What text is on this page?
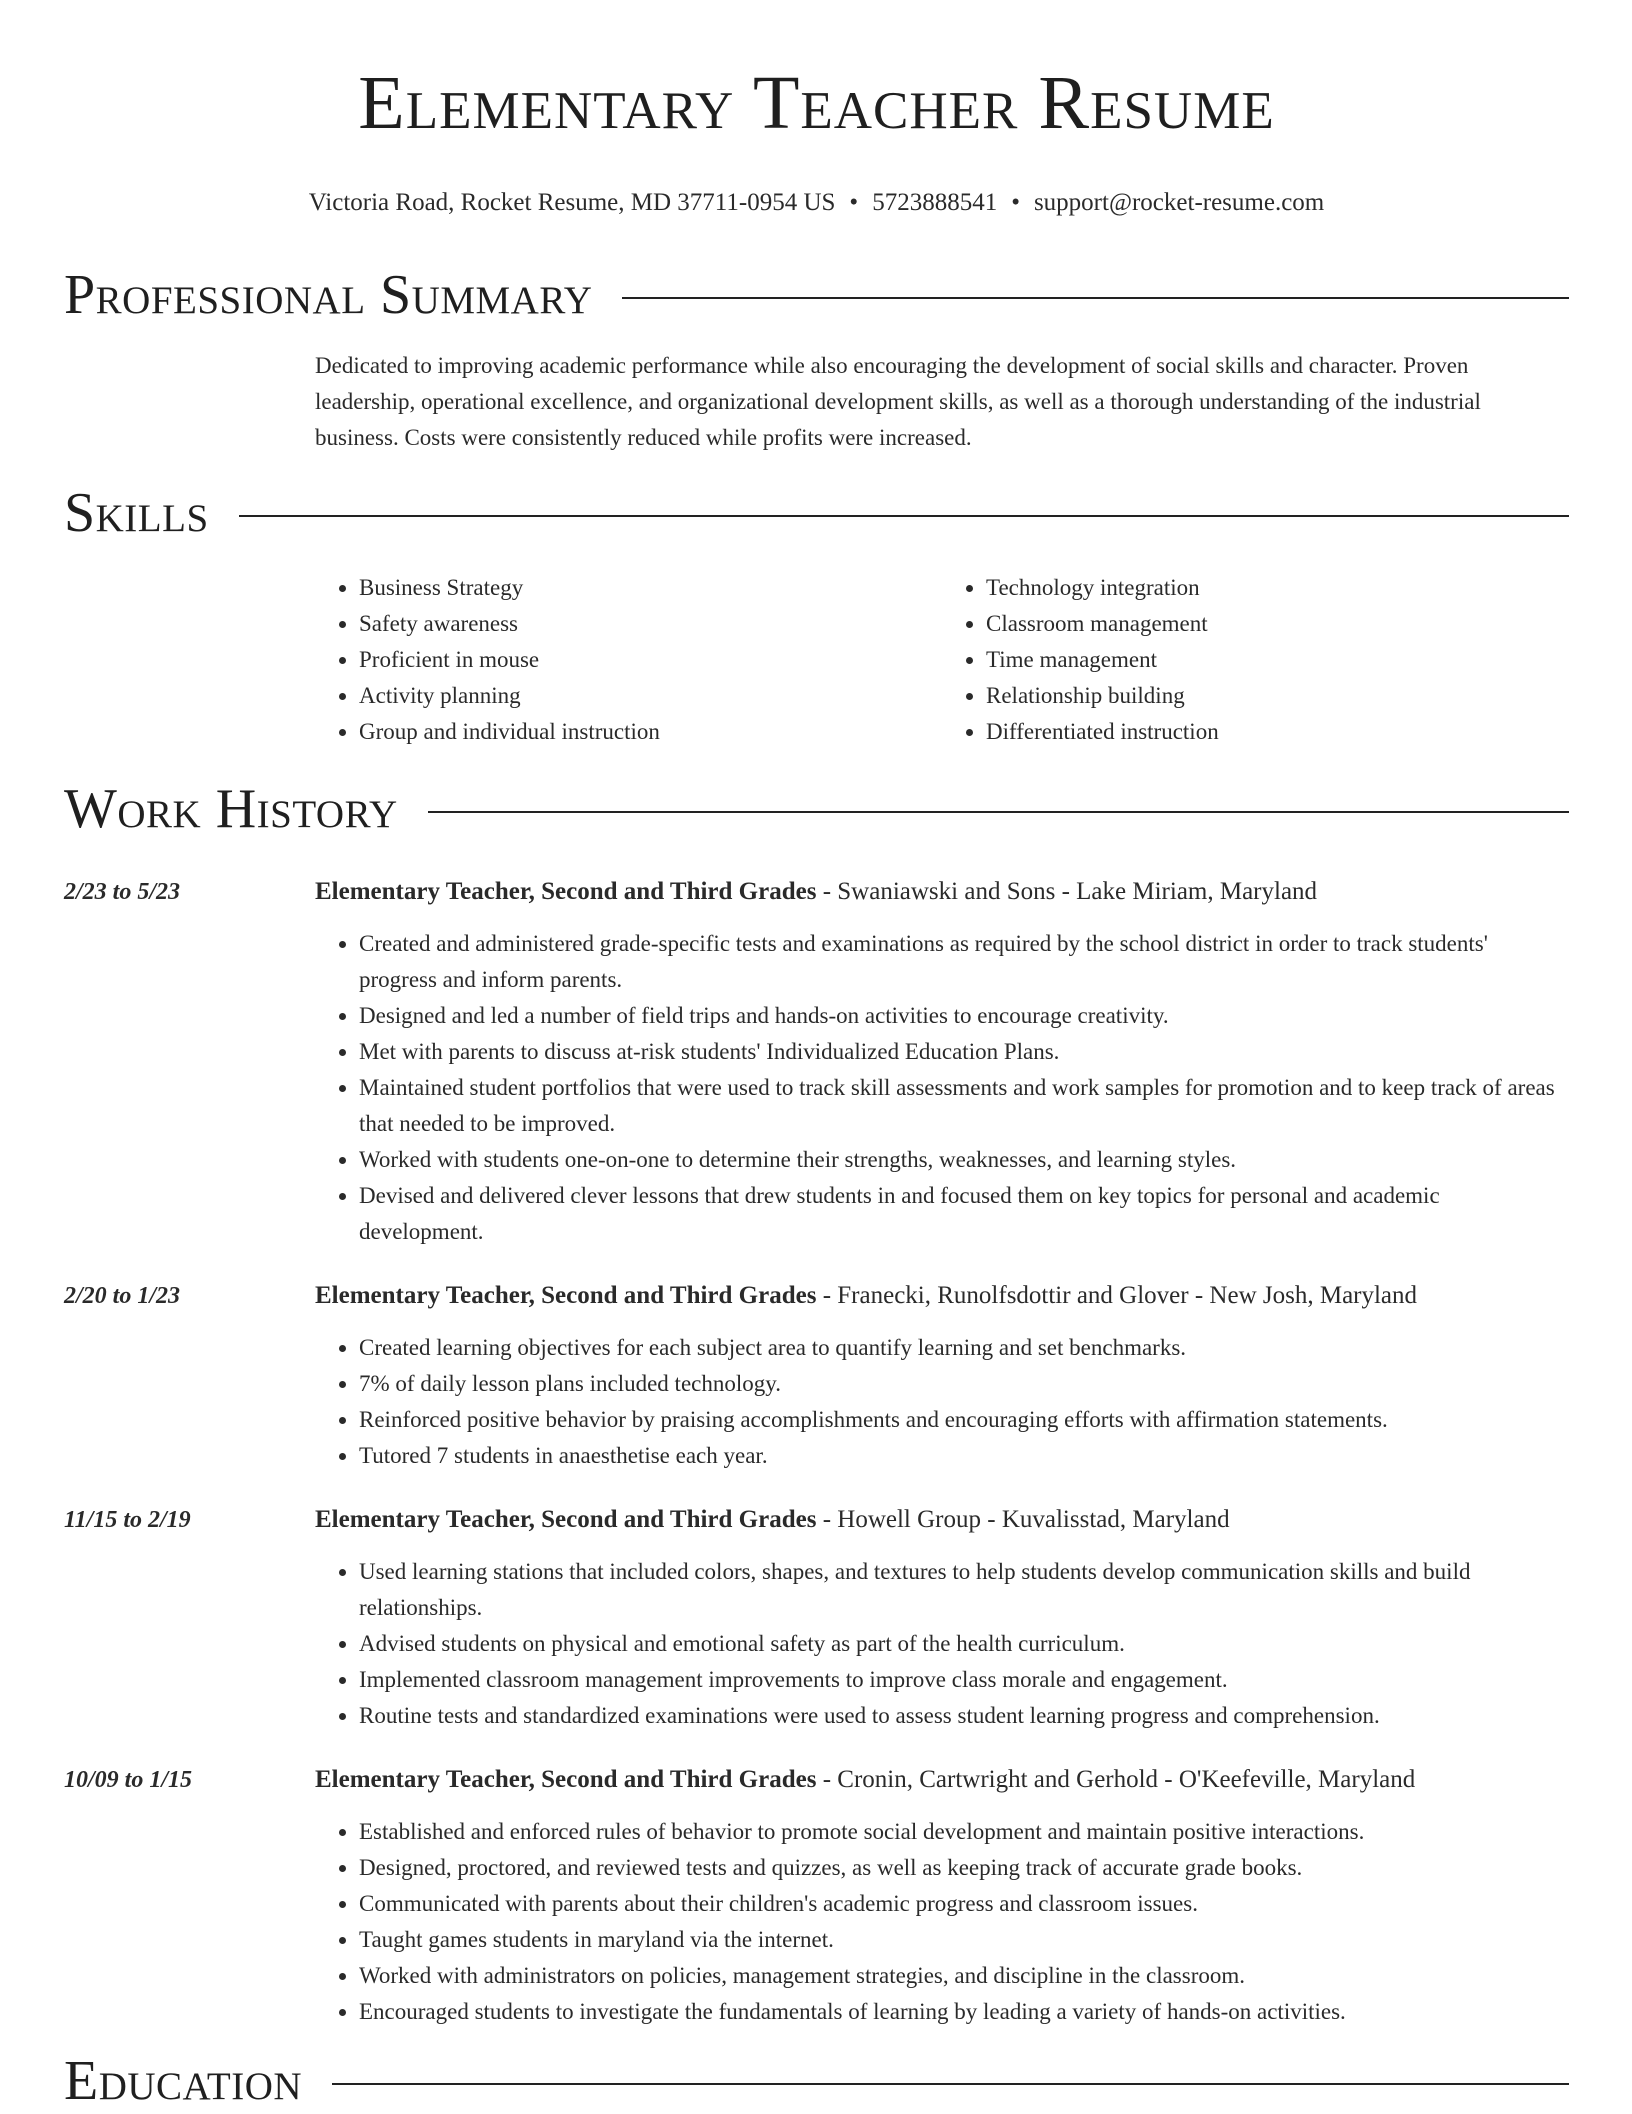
Elementary Teacher Resume
Victoria Road, Rocket Resume, MD 37711-0954 US • 5723888541 • support@rocket-resume.com
Professional Summary
Dedicated to improving academic performance while also encouraging the development of social skills and character. Proven leadership, operational excellence, and organizational development skills, as well as a thorough understanding of the industrial business. Costs were consistently reduced while profits were increased.
Skills
• Business Strategy
• Safety awareness
• Proficient in mouse
• Activity planning
• Group and individual instruction
• Technology integration
• Classroom management
• Time management
• Relationship building
• Differentiated instruction
Work History
2/23 to 5/23	Elementary Teacher, Second and Third Grades - Swaniawski and Sons - Lake Miriam, Maryland
• Created and administered grade-specific tests and examinations as required by the school district in order to track students' progress and inform parents.
• Designed and led a number of field trips and hands-on activities to encourage creativity.
• Met with parents to discuss at-risk students' Individualized Education Plans.
• Maintained student portfolios that were used to track skill assessments and work samples for promotion and to keep track of areas that needed to be improved.
• Worked with students one-on-one to determine their strengths, weaknesses, and learning styles.
• Devised and delivered clever lessons that drew students in and focused them on key topics for personal and academic development.
2/20 to 1/23	Elementary Teacher, Second and Third Grades - Franecki, Runolfsdottir and Glover - New Josh, Maryland
• Created learning objectives for each subject area to quantify learning and set benchmarks.
• 7% of daily lesson plans included technology.
• Reinforced positive behavior by praising accomplishments and encouraging efforts with affirmation statements.
• Tutored 7 students in anaesthetise each year.
11/15 to 2/19	Elementary Teacher, Second and Third Grades - Howell Group - Kuvalisstad, Maryland
• Used learning stations that included colors, shapes, and textures to help students develop communication skills and build relationships.
• Advised students on physical and emotional safety as part of the health curriculum.
• Implemented classroom management improvements to improve class morale and engagement.
• Routine tests and standardized examinations were used to assess student learning progress and comprehension.
10/09 to 1/15	Elementary Teacher, Second and Third Grades - Cronin, Cartwright and Gerhold - O'Keefeville, Maryland
• Established and enforced rules of behavior to promote social development and maintain positive interactions.
• Designed, proctored, and reviewed tests and quizzes, as well as keeping track of accurate grade books.
• Communicated with parents about their children's academic progress and classroom issues.
• Taught games students in maryland via the internet.
• Worked with administrators on policies, management strategies, and discipline in the classroom.
• Encouraged students to investigate the fundamentals of learning by leading a variety of hands-on activities.
Education
